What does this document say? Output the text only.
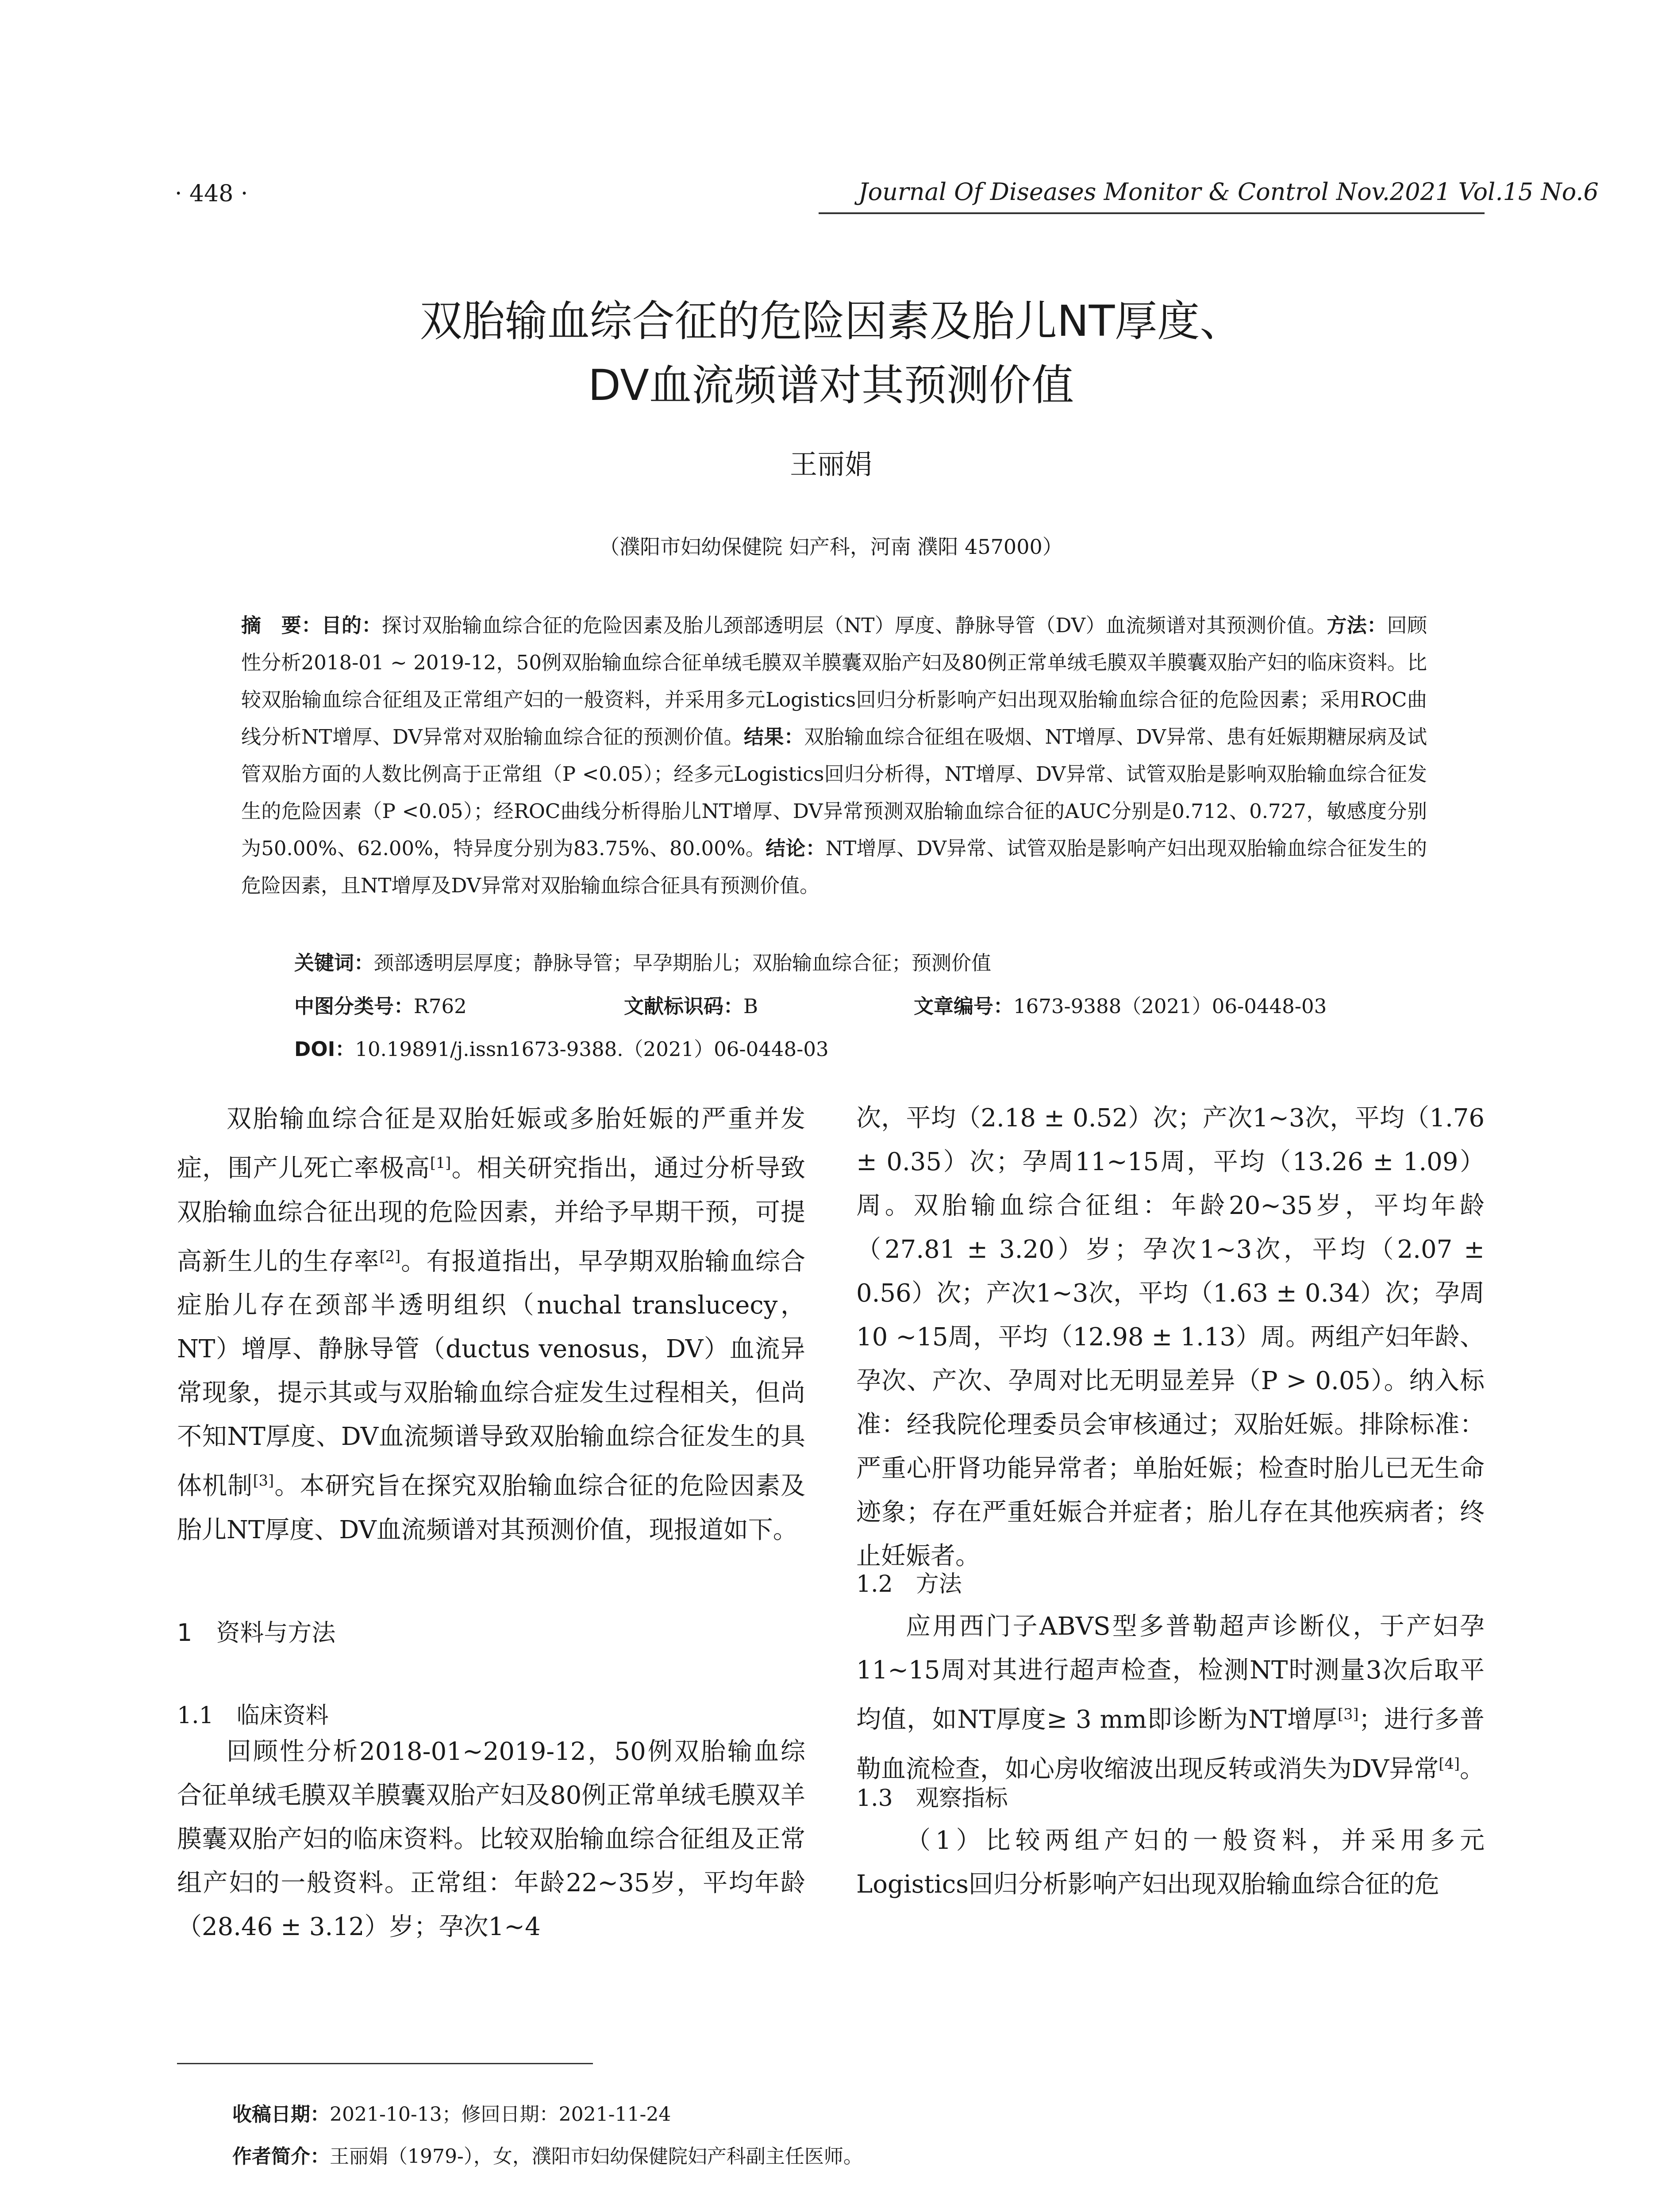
· 448 ·	Journal Of Diseases Monitor & Control Nov.2021 Vol.15 No.6
双胎输血综合征的危险因素及胎儿NT厚度、
DV血流频谱对其预测价值
王丽娟
（濮阳市妇幼保健院 妇产科，河南 濮阳 457000）
摘　要：目的：探讨双胎输血综合征的危险因素及胎儿颈部透明层（NT）厚度、静脉导管（DV）血流频谱对其预测价值。方法：回顾性分析2018-01 ~ 2019-12，50例双胎输血综合征单绒毛膜双羊膜囊双胎产妇及80例正常单绒毛膜双羊膜囊双胎产妇的临床资料。比较双胎输血综合征组及正常组产妇的一般资料，并采用多元Logistics回归分析影响产妇出现双胎输血综合征的危险因素；采用ROC曲线分析NT增厚、DV异常对双胎输血综合征的预测价值。结果：双胎输血综合征组在吸烟、NT增厚、DV异常、患有妊娠期糖尿病及试管双胎方面的人数比例高于正常组（P <0.05）；经多元Logistics回归分析得，NT增厚、DV异常、试管双胎是影响双胎输血综合征发生的危险因素（P <0.05）；经ROC曲线分析得胎儿NT增厚、DV异常预测双胎输血综合征的AUC分别是0.712、0.727，敏感度分别为50.00%、62.00%，特异度分别为83.75%、80.00%。结论：NT增厚、DV异常、试管双胎是影响产妇出现双胎输血综合征发生的危险因素，且NT增厚及DV异常对双胎输血综合征具有预测价值。
关键词：颈部透明层厚度；静脉导管；早孕期胎儿；双胎输血综合征；预测价值
中图分类号：R762	文献标识码：B	文章编号：1673-9388（2021）06-0448-03
DOI：10.19891/j.issn1673-9388.（2021）06-0448-03

双胎输血综合征是双胎妊娠或多胎妊娠的严重并发症，围产儿死亡率极高[1]。相关研究指出，通过分析导致双胎输血综合征出现的危险因素，并给予早期干预，可提高新生儿的生存率[2]。有报道指出，早孕期双胎输血综合症胎儿存在颈部半透明组织（nuchal translucecy，NT）增厚、静脉导管（ductus venosus，DV）血流异常现象，提示其或与双胎输血综合症发生过程相关，但尚不知NT厚度、DV血流频谱导致双胎输血综合征发生的具体机制[3]。本研究旨在探究双胎输血综合征的危险因素及胎儿NT厚度、DV血流频谱对其预测价值，现报道如下。

1　资料与方法
1.1　临床资料

回顾性分析2018-01~2019-12，50例双胎输血综合征单绒毛膜双羊膜囊双胎产妇及80例正常单绒毛膜双羊膜囊双胎产妇的临床资料。比较双胎输血综合征组及正常组产妇的一般资料。正常组：年龄22~35岁，平均年龄（28.46 ± 3.12）岁；孕次1~4

次，平均（2.18 ± 0.52）次；产次1~3次，平均（1.76 ± 0.35）次；孕周11~15周，平均（13.26 ± 1.09）周。双胎输血综合征组：年龄20~35岁，平均年龄（27.81 ± 3.20）岁；孕次1~3次，平均（2.07 ± 0.56）次；产次1~3次，平均（1.63 ± 0.34）次；孕周10 ~15周，平均（12.98 ± 1.13）周。两组产妇年龄、孕次、产次、孕周对比无明显差异（P > 0.05）。纳入标准：经我院伦理委员会审核通过；双胎妊娠。排除标准：严重心肝肾功能异常者；单胎妊娠；检查时胎儿已无生命迹象；存在严重妊娠合并症者；胎儿存在其他疾病者；终止妊娠者。
1.2　方法

应用西门子ABVS型多普勒超声诊断仪，于产妇孕11~15周对其进行超声检查，检测NT时测量3次后取平均值，如NT厚度≥ 3 mm即诊断为NT增厚[3]；进行多普勒血流检查，如心房收缩波出现反转或消失为DV异常[4]。

1.3　观察指标

（1）比较两组产妇的一般资料，并采用多元Logistics回归分析影响产妇出现双胎输血综合征的危

收稿日期：2021-10-13；修回日期：2021-11-24
作者简介：王丽娟（1979-），女，濮阳市妇幼保健院妇产科副主任医师。
